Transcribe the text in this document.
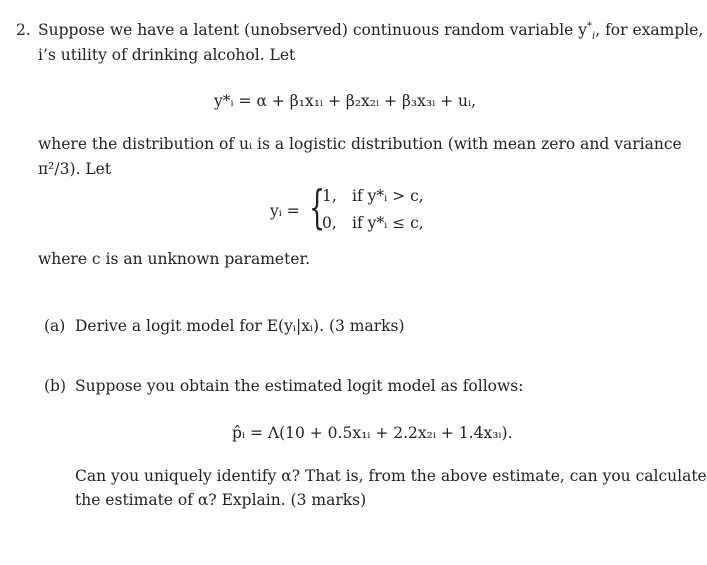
2. Suppose we have a latent (unobserved) continuous random variable $y^*_i$, for example,
i’s utility of drinking alcohol. Let
y*ᵢ = α + β₁x₁ᵢ + β₂x₂ᵢ + β₃x₃ᵢ + uᵢ,
where the distribution of uᵢ is a logistic distribution (with mean zero and variance
π²/3). Let
yᵢ = {
1, if y*ᵢ > c,
0, if y*ᵢ ≤ c,
where c is an unknown parameter.
(a) Derive a logit model for E(yᵢ|xᵢ). (3 marks)
(b) Suppose you obtain the estimated logit model as follows:
p̂ᵢ = Λ(10 + 0.5x₁ᵢ + 2.2x₂ᵢ + 1.4x₃ᵢ).
Can you uniquely identify α? That is, from the above estimate, can you calculate
the estimate of α? Explain. (3 marks)
